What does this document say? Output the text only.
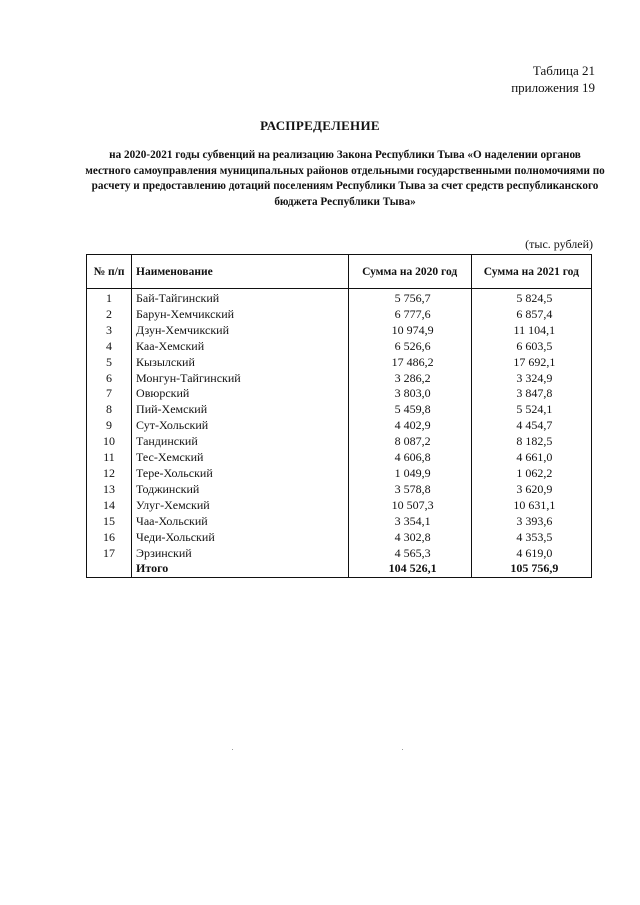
Таблица 21
приложения 19
РАСПРЕДЕЛЕНИЕ
на 2020-2021 годы субвенций на реализацию Закона Республики Тыва «О наделении органов местного самоуправления муниципальных районов отдельными государственными полномочиями по расчету и предоставлению дотаций поселениям Республики Тыва за счет средств республиканского бюджета Республики Тыва»
(тыс. рублей)
№ п/п	Наименование	Сумма на 2020 год	Сумма на 2021 год
1	Бай-Тайгинский	5 756,7	5 824,5
2	Барун-Хемчикский	6 777,6	6 857,4
3	Дзун-Хемчикский	10 974,9	11 104,1
4	Каа-Хемский	6 526,6	6 603,5
5	Кызылский	17 486,2	17 692,1
6	Монгун-Тайгинский	3 286,2	3 324,9
7	Овюрский	3 803,0	3 847,8
8	Пий-Хемский	5 459,8	5 524,1
9	Сут-Хольский	4 402,9	4 454,7
10	Тандинский	8 087,2	8 182,5
11	Тес-Хемский	4 606,8	4 661,0
12	Тере-Хольский	1 049,9	1 062,2
13	Тоджинский	3 578,8	3 620,9
14	Улуг-Хемский	10 507,3	10 631,1
15	Чаа-Хольский	3 354,1	3 393,6
16	Чеди-Хольский	4 302,8	4 353,5
17	Эрзинский	4 565,3	4 619,0
	Итого	104 526,1	105 756,9
